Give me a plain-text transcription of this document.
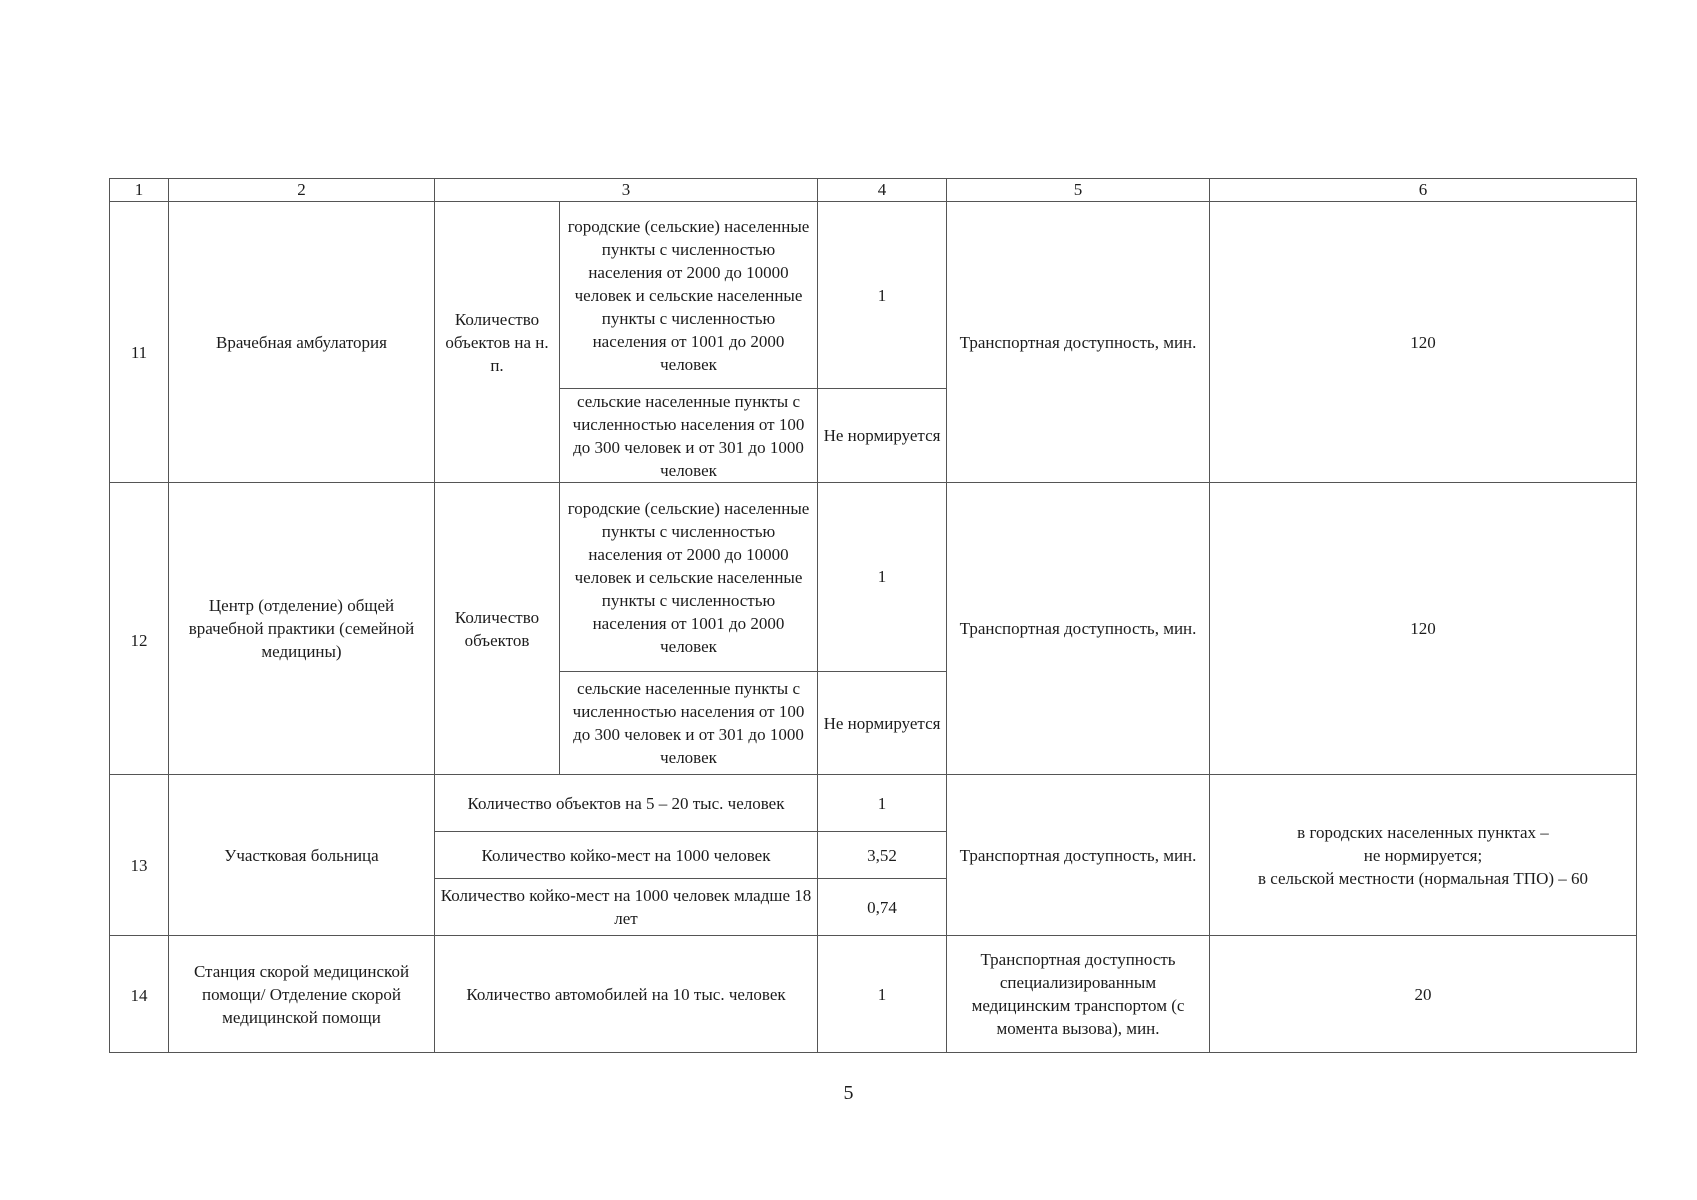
1	2	3		4	5	6
11	Врачебная амбулатория	Количество объектов на н. п.	городские (сельские) населенные пункты с численностью населения от 2000 до 10000 человек и сельские населенные пункты с численностью населения от 1001 до 2000 человек	1	Транспортная доступность, мин.	120
			сельские населенные пункты с численностью населения от 100 до 300 человек и от 301 до 1000 человек	Не нормируется		
12	Центр (отделение) общей врачебной практики (семейной медицины)	Количество объектов	городские (сельские) населенные пункты с численностью населения от 2000 до 10000 человек и сельские населенные пункты с численностью населения от 1001 до 2000 человек	1	Транспортная доступность, мин.	120
			сельские населенные пункты с численностью населения от 100 до 300 человек и от 301 до 1000 человек	Не нормируется		
13	Участковая больница	Количество объектов на 5 – 20 тыс. человек		1	Транспортная доступность, мин.	в городских населенных пунктах –
не нормируется;
в сельской местности (нормальная ТПО) – 60

		Количество койко-мест на 1000 человек		3,52		
		Количество койко-мест на 1000 человек младше 18 лет		0,74		
14	Станция скорой медицинской помощи/ Отделение скорой медицинской помощи	Количество автомобилей на 10 тыс. человек		1	Транспортная доступность специализированным медицинским транспортом (с момента вызова), мин.	20
5
